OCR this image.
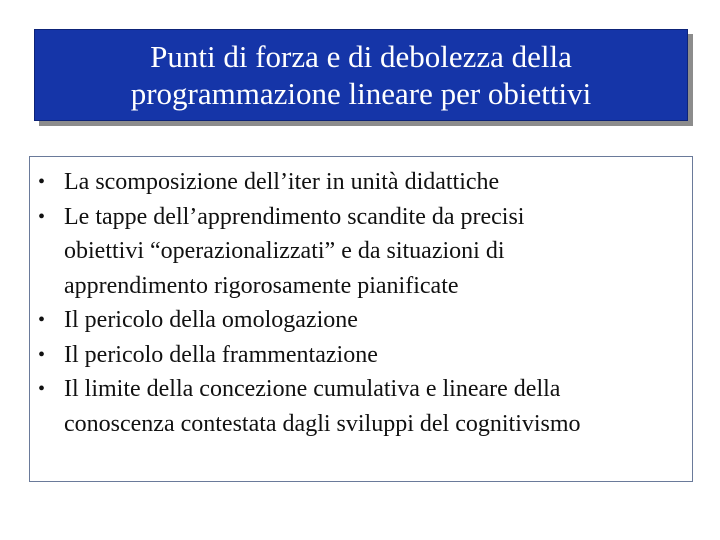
Punti di forza e di debolezza della
programmazione lineare per obiettivi
• La scomposizione dell’iter in unità didattiche
• Le tappe dell’apprendimento scandite da precisi
obiettivi “operazionalizzati” e da situazioni di
apprendimento rigorosamente pianificate
• Il pericolo della omologazione
• Il pericolo della frammentazione
• Il limite della concezione cumulativa e lineare della
conoscenza contestata dagli sviluppi del cognitivismo
